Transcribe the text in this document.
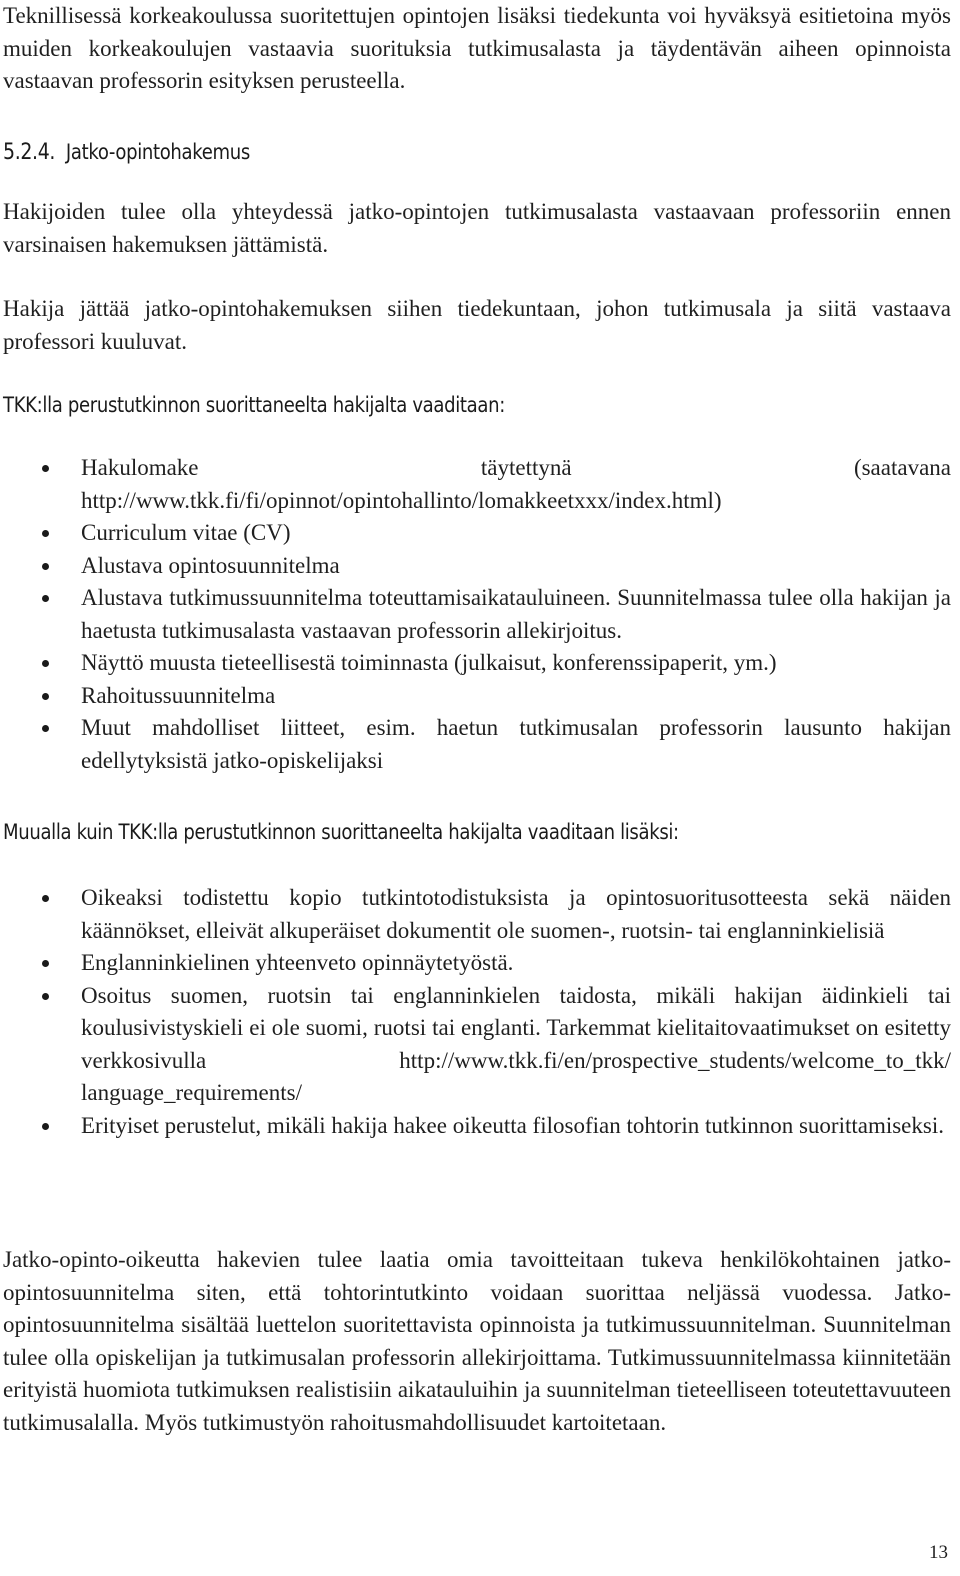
Teknillisessä korkeakoulussa suoritettujen opintojen lisäksi tiedekunta voi hyväksyä esitietoina myös muiden korkeakoulujen vastaavia suorituksia tutkimusalasta ja täydentävän aiheen opinnoista vastaavan professorin esityksen perusteella.

5.2.4. Jatko-opintohakemus

Hakijoiden tulee olla yhteydessä jatko-opintojen tutkimusalasta vastaavaan professoriin ennen varsinaisen hakemuksen jättämistä.

Hakija jättää jatko-opintohakemuksen siihen tiedekuntaan, johon tutkimusala ja siitä vastaava professori kuuluvat.

TKK:lla perustutkinnon suorittaneelta hakijalta vaaditaan:
Hakulomake täytettynä (saatavana http://www.tkk.fi/fi/opinnot/opintohallinto/lomakkeetxxx/index.html)
Curriculum vitae (CV)
Alustava opintosuunnitelma
Alustava tutkimussuunnitelma toteuttamisaikatauluineen. Suunnitelmassa tulee olla hakijan ja haetusta tutkimusalasta vastaavan professorin allekirjoitus.
Näyttö muusta tieteellisestä toiminnasta (julkaisut, konferenssipaperit, ym.)
Rahoitussuunnitelma
Muut mahdolliset liitteet, esim. haetun tutkimusalan professorin lausunto hakijan edellytyksistä jatko-opiskelijaksi
Muualla kuin TKK:lla perustutkinnon suorittaneelta hakijalta vaaditaan lisäksi:
Oikeaksi todistettu kopio tutkintotodistuksista ja opintosuoritusotteesta sekä näiden käännökset, elleivät alkuperäiset dokumentit ole suomen-, ruotsin- tai englanninkielisiä
Englanninkielinen yhteenveto opinnäytetyöstä.
Osoitus suomen, ruotsin tai englanninkielen taidosta, mikäli hakijan äidinkieli tai koulusivistyskieli ei ole suomi, ruotsi tai englanti. Tarkemmat kielitaitovaatimukset on esitetty verkkosivulla http://www.tkk.fi/en/prospective_students/welcome_to_tkk/ language_requirements/
Erityiset perustelut, mikäli hakija hakee oikeutta filosofian tohtorin tutkinnon suorittamiseksi.

Jatko-opinto-oikeutta hakevien tulee laatia omia tavoitteitaan tukeva henkilökohtainen jatko-opintosuunnitelma siten, että tohtorintutkinto voidaan suorittaa neljässä vuodessa. Jatko-opintosuunnitelma sisältää luettelon suoritettavista opinnoista ja tutkimussuunnitelman. Suunnitelman tulee olla opiskelijan ja tutkimusalan professorin allekirjoittama. Tutkimussuunnitelmassa kiinnitetään erityistä huomiota tutkimuksen realistisiin aikatauluihin ja suunnitelman tieteelliseen toteutettavuuteen tutkimusalalla. Myös tutkimustyön rahoitusmahdollisuudet kartoitetaan.

13
